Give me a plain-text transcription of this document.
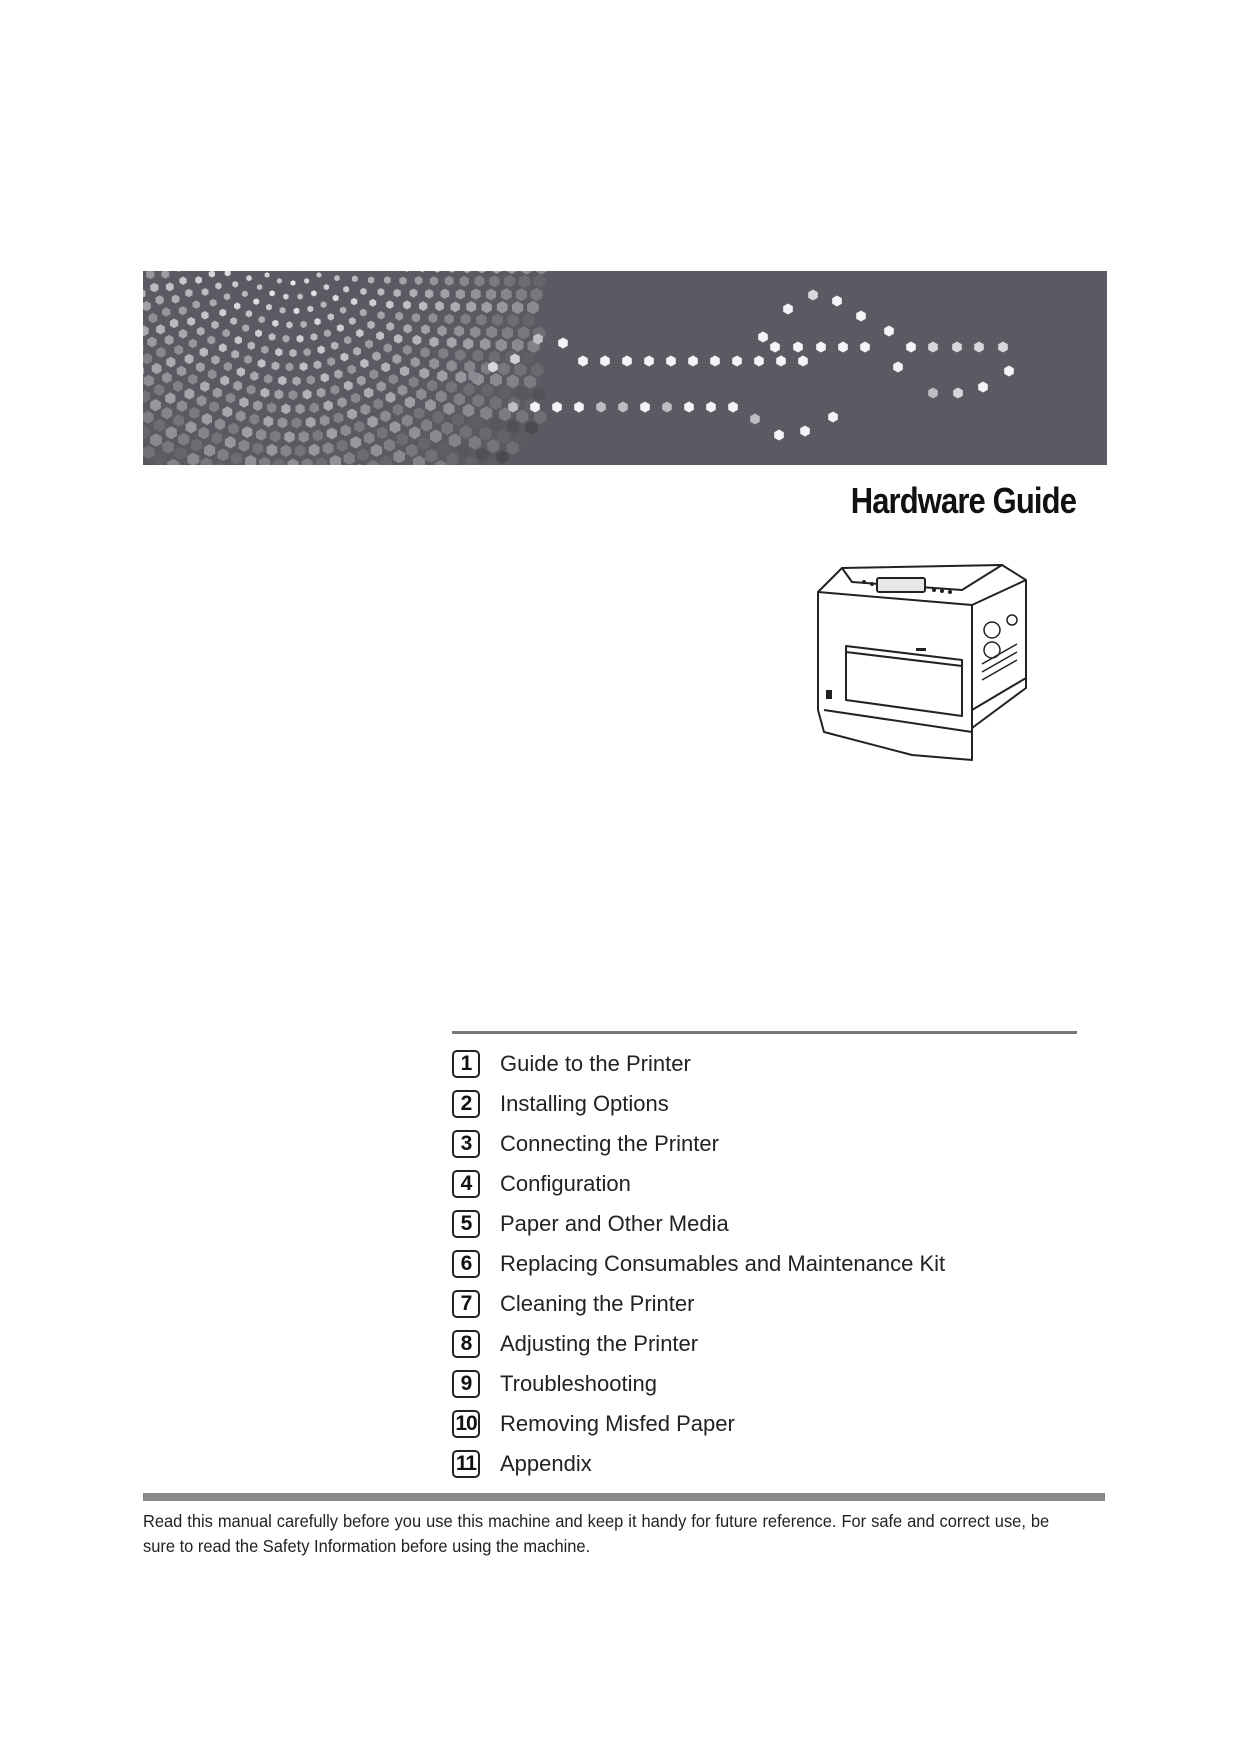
Hardware Guide
1	Guide to the Printer
2	Installing Options
3	Connecting the Printer
4	Configuration
5	Paper and Other Media
6	Replacing Consumables and Maintenance Kit
7	Cleaning the Printer
8	Adjusting the Printer
9	Troubleshooting
10 Removing Misfed Paper
11 Appendix
Read this manual carefully before you use this machine and keep it handy for future reference. For safe and correct use, be sure to read the Safety Information before using the machine.
